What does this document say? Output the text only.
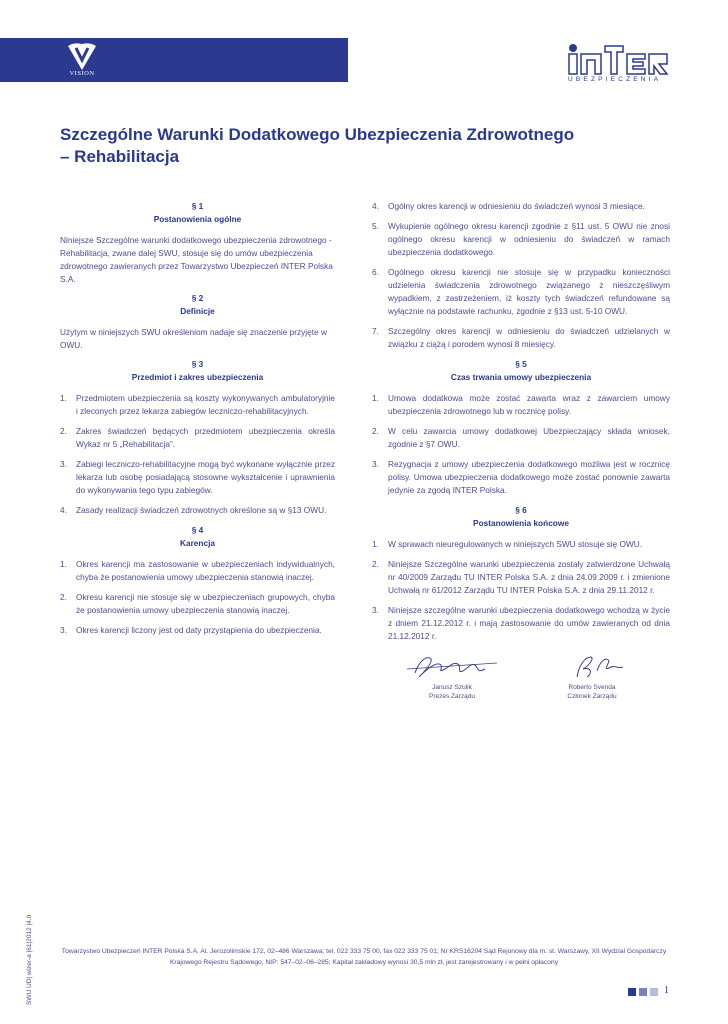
VISION
UBEZPIECZENIA
Szczególne Warunki Dodatkowego Ubezpieczenia Zdrowotnego
– Rehabilitacja
§ 1
Postanowienia ogólne

Niniejsze Szczególne warunki dodatkowego ubezpieczenia zdrowotnego - Rehabilitacja, zwane dalej SWU, stosuje się do umów ubezpieczenia zdrowotnego zawieranych przez Towarzystwo Ubezpieczeń INTER Polska S.A.

§ 2
Definicje

Użytym w niniejszych SWU określeniom nadaje się znaczenie przyjęte w OWU.

§ 3
Przedmiot i zakres ubezpieczenia
1. Przedmiotem ubezpieczenia są koszty wykonywanych ambulatoryjnie i zleconych przez lekarza zabiegów leczniczo-rehabilitacyjnych.
2. Zakres świadczeń będących przedmiotem ubezpieczenia określa Wykaz nr 5 „Rehabilitacja”.
3. Zabiegi leczniczo-rehabilitacyjne mogą być wykonane wyłącznie przez lekarza lub osobę posiadającą stosowne wykształcenie i uprawnienia do wykonywania tego typu zabiegów.
4. Zasady realizacji świadczeń zdrowotnych określone są w §13 OWU.
§ 4
Karencja
1. Okres karencji ma zastosowanie w ubezpieczeniach indywidualnych, chyba że postanowienia umowy ubezpieczenia stanowią inaczej.
2. Okresu karencji nie stosuje się w ubezpieczeniach grupowych, chyba że postanowienia umowy ubezpieczenia stanowią inaczej.
3. Okres karencji liczony jest od daty przystąpienia do ubezpieczenia.
4. Ogólny okres karencji w odniesieniu do świadczeń wynosi 3 miesiące.
5. Wykupienie ogólnego okresu karencji zgodnie z §11 ust. 5 OWU nie znosi ogólnego okresu karencji w odniesieniu do świadczeń w ramach ubezpieczenia dodatkowego.
6. Ogólnego okresu karencji nie stosuje się w przypadku konieczności udzielenia świadczenia zdrowotnego związanego z nieszczęśliwym wypadkiem, z zastrzeżeniem, iż koszty tych świadczeń refundowane są wyłącznie na podstawie rachunku, zgodnie z §13 ust. 5-10 OWU.
7. Szczególny okres karencji w odniesieniu do świadczeń udzielanych w związku z ciążą i porodem wynosi 8 miesięcy.
§ 5
Czas trwania umowy ubezpieczenia
1. Umowa dodatkowa może zostać zawarta wraz z zawarciem umowy ubezpieczenia zdrowotnego lub w rocznicę polisy.
2. W celu zawarcia umowy dodatkowej Ubezpieczający składa wniosek, zgodnie z §7 OWU.
3. Rezygnacja z umowy ubezpieczenia dodatkowego możliwa jest w rocznicę polisy. Umowa ubezpieczenia dodatkowego może zostać ponownie zawarta jedynie za zgodą INTER Polska.
§ 6
Postanowienia końcowe
1. W sprawach nieuregulowanych w niniejszych SWU stosuje się OWU.
2. Niniejsze Szczególne warunki ubezpieczenia zostały zatwierdzone Uchwałą nr 40/2009 Zarządu TU INTER Polska S.A. z dnia 24.09.2009 r. i zmienione Uchwałą nr 61/2012 Zarządu TU INTER Polska S.A. z dnia 29.11.2012 r.
3. Niniejsze szczególne warunki ubezpieczenia dodatkowego wchodzą w życie z dniem 21.12.2012 r. i mają zastosowanie do umów zawieranych od dnia 21.12.2012 r.
Janusz Szulik
Prezes Zarządu
Roberto Svenda
Członek Zarządu
SWU UD| wizer-a |61|2012 |4.0	Towarzystwo Ubezpieczeń INTER Polska S.A. Al. Jerozolimskie 172, 02–486 Warszawa; tel. 022 333 75 00, fax 022 333 75 01; Nr KRS16204 Sąd Rejonowy dla m. st. Warszawy, XII Wydział Gospodarczy
Krajowego Rejestru Sądowego; NIP: 547–02–06–285; Kapitał zakładowy wynosi 30,5 mln zł, jest zarejestrowany i w pełni opłacony
1
